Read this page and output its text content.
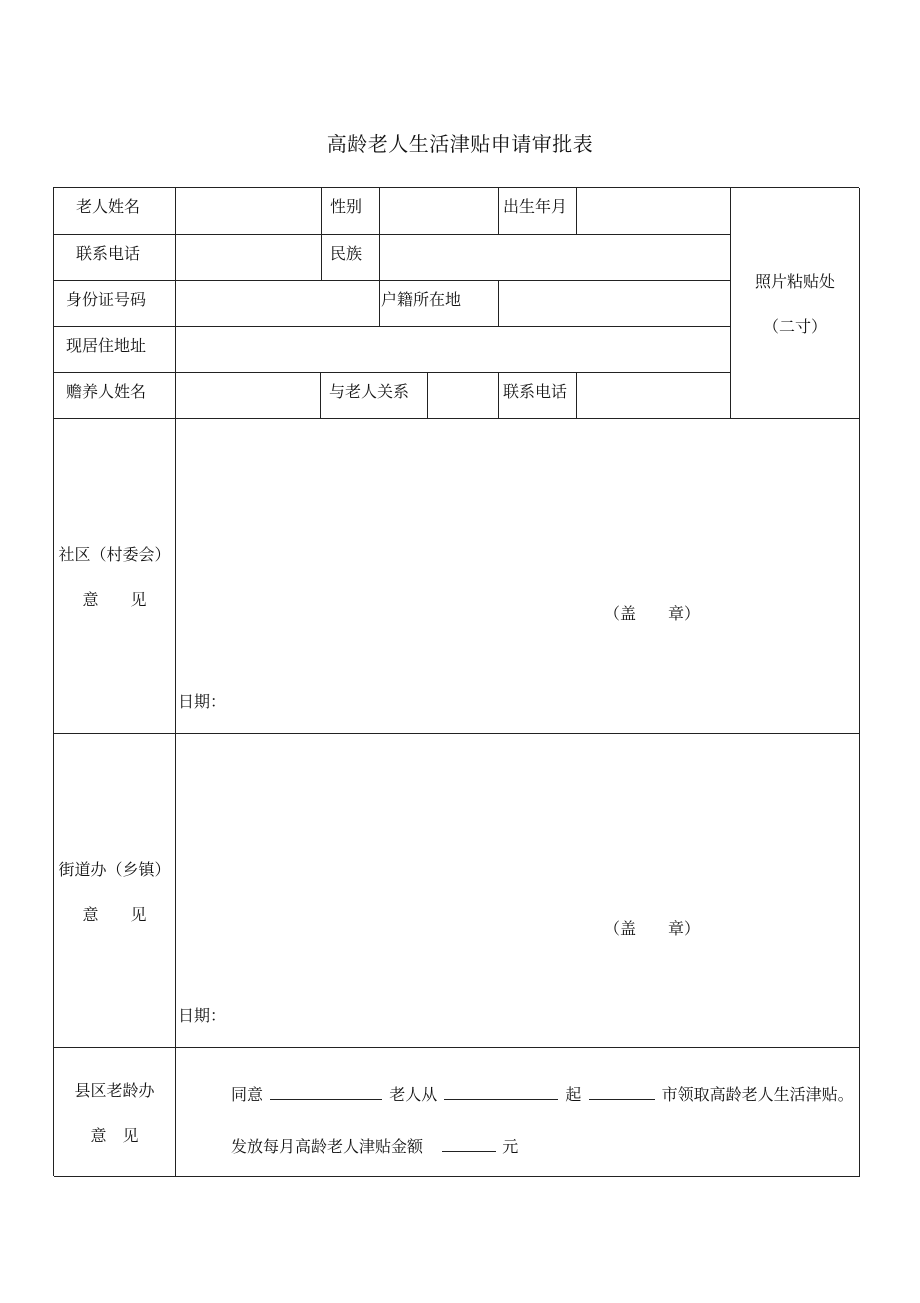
高龄老人生活津贴申请审批表
老人姓名	性别	出生年月
照片粘贴处
（二寸）
联系电话	民族
身份证号码	户籍所在地
现居住地址
赡养人姓名	与老人关系	联系电话
社区（村委会）
意　　见
（盖　　章）
日期：
街道办（乡镇）
意　　见
（盖　　章）
日期：
县区老龄办
意　见
同意	老人从	起	市领取高龄老人生活津贴。
发放每月高龄老人津贴金额	元
